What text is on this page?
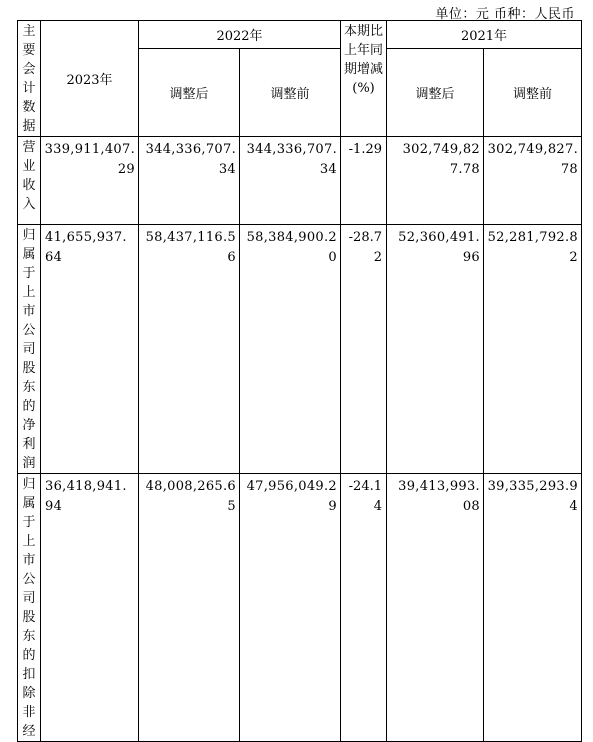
单位：元 币种：人民币
主要会计数据	2023年	2022年		本期比上年同期增减(%)	2021年	
		调整后	调整前		调整后	调整前
营业收入	339,911,407.29	344,336,707.34	344,336,707.34	-1.29	302,749,827.78	302,749,827.78
归属于上市公司股东的净利润	41,655,937.64	58,437,116.56	58,384,900.20	-28.72	52,360,491.96	52,281,792.82
归属于上市公司股东的扣除非经	36,418,941.94	48,008,265.65	47,956,049.29	-24.14	39,413,993.08	39,335,293.94
